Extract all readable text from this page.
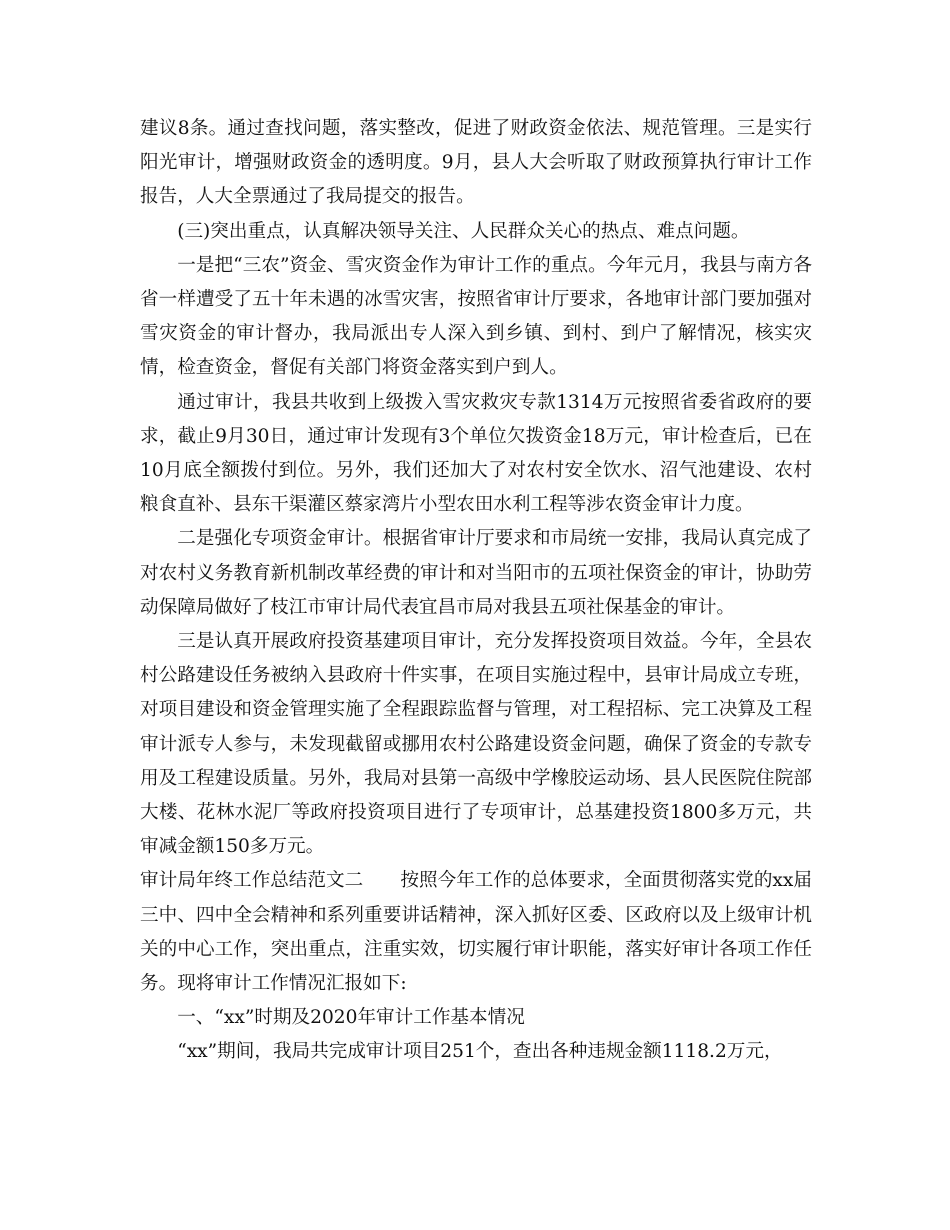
建议8条。通过查找问题，落实整改，促进了财政资金依法、规范管理。三是实行阳光审计，增强财政资金的透明度。9月，县人大会听取了财政预算执行审计工作报告，人大全票通过了我局提交的报告。

(三)突出重点，认真解决领导关注、人民群众关心的热点、难点问题。

一是把“三农”资金、雪灾资金作为审计工作的重点。今年元月，我县与南方各省一样遭受了五十年未遇的冰雪灾害，按照省审计厅要求，各地审计部门要加强对雪灾资金的审计督办，我局派出专人深入到乡镇、到村、到户了解情况，核实灾情，检查资金，督促有关部门将资金落实到户到人。

通过审计，我县共收到上级拨入雪灾救灾专款1314万元按照省委省政府的要求，截止9月30日，通过审计发现有3个单位欠拨资金18万元，审计检查后，已在10月底全额拨付到位。另外，我们还加大了对农村安全饮水、沼气池建设、农村粮食直补、县东干渠灌区蔡家湾片小型农田水利工程等涉农资金审计力度。

二是强化专项资金审计。根据省审计厅要求和市局统一安排，我局认真完成了对农村义务教育新机制改革经费的审计和对当阳市的五项社保资金的审计，协助劳动保障局做好了枝江市审计局代表宜昌市局对我县五项社保基金的审计。

三是认真开展政府投资基建项目审计，充分发挥投资项目效益。今年，全县农村公路建设任务被纳入县政府十件实事，在项目实施过程中，县审计局成立专班，对项目建设和资金管理实施了全程跟踪监督与管理，对工程招标、完工决算及工程审计派专人参与，未发现截留或挪用农村公路建设资金问题，确保了资金的专款专用及工程建设质量。另外，我局对县第一高级中学橡胶运动场、县人民医院住院部大楼、花林水泥厂等政府投资项目进行了专项审计，总基建投资1800多万元，共审减金额150多万元。

审计局年终工作总结范文二 按照今年工作的总体要求，全面贯彻落实党的xx届三中、四中全会精神和系列重要讲话精神，深入抓好区委、区政府以及上级审计机关的中心工作，突出重点，注重实效，切实履行审计职能，落实好审计各项工作任务。现将审计工作情况汇报如下:

一、“xx”时期及2020年审计工作基本情况

“xx”期间，我局共完成审计项目251个，查出各种违规金额1118.2万元，
